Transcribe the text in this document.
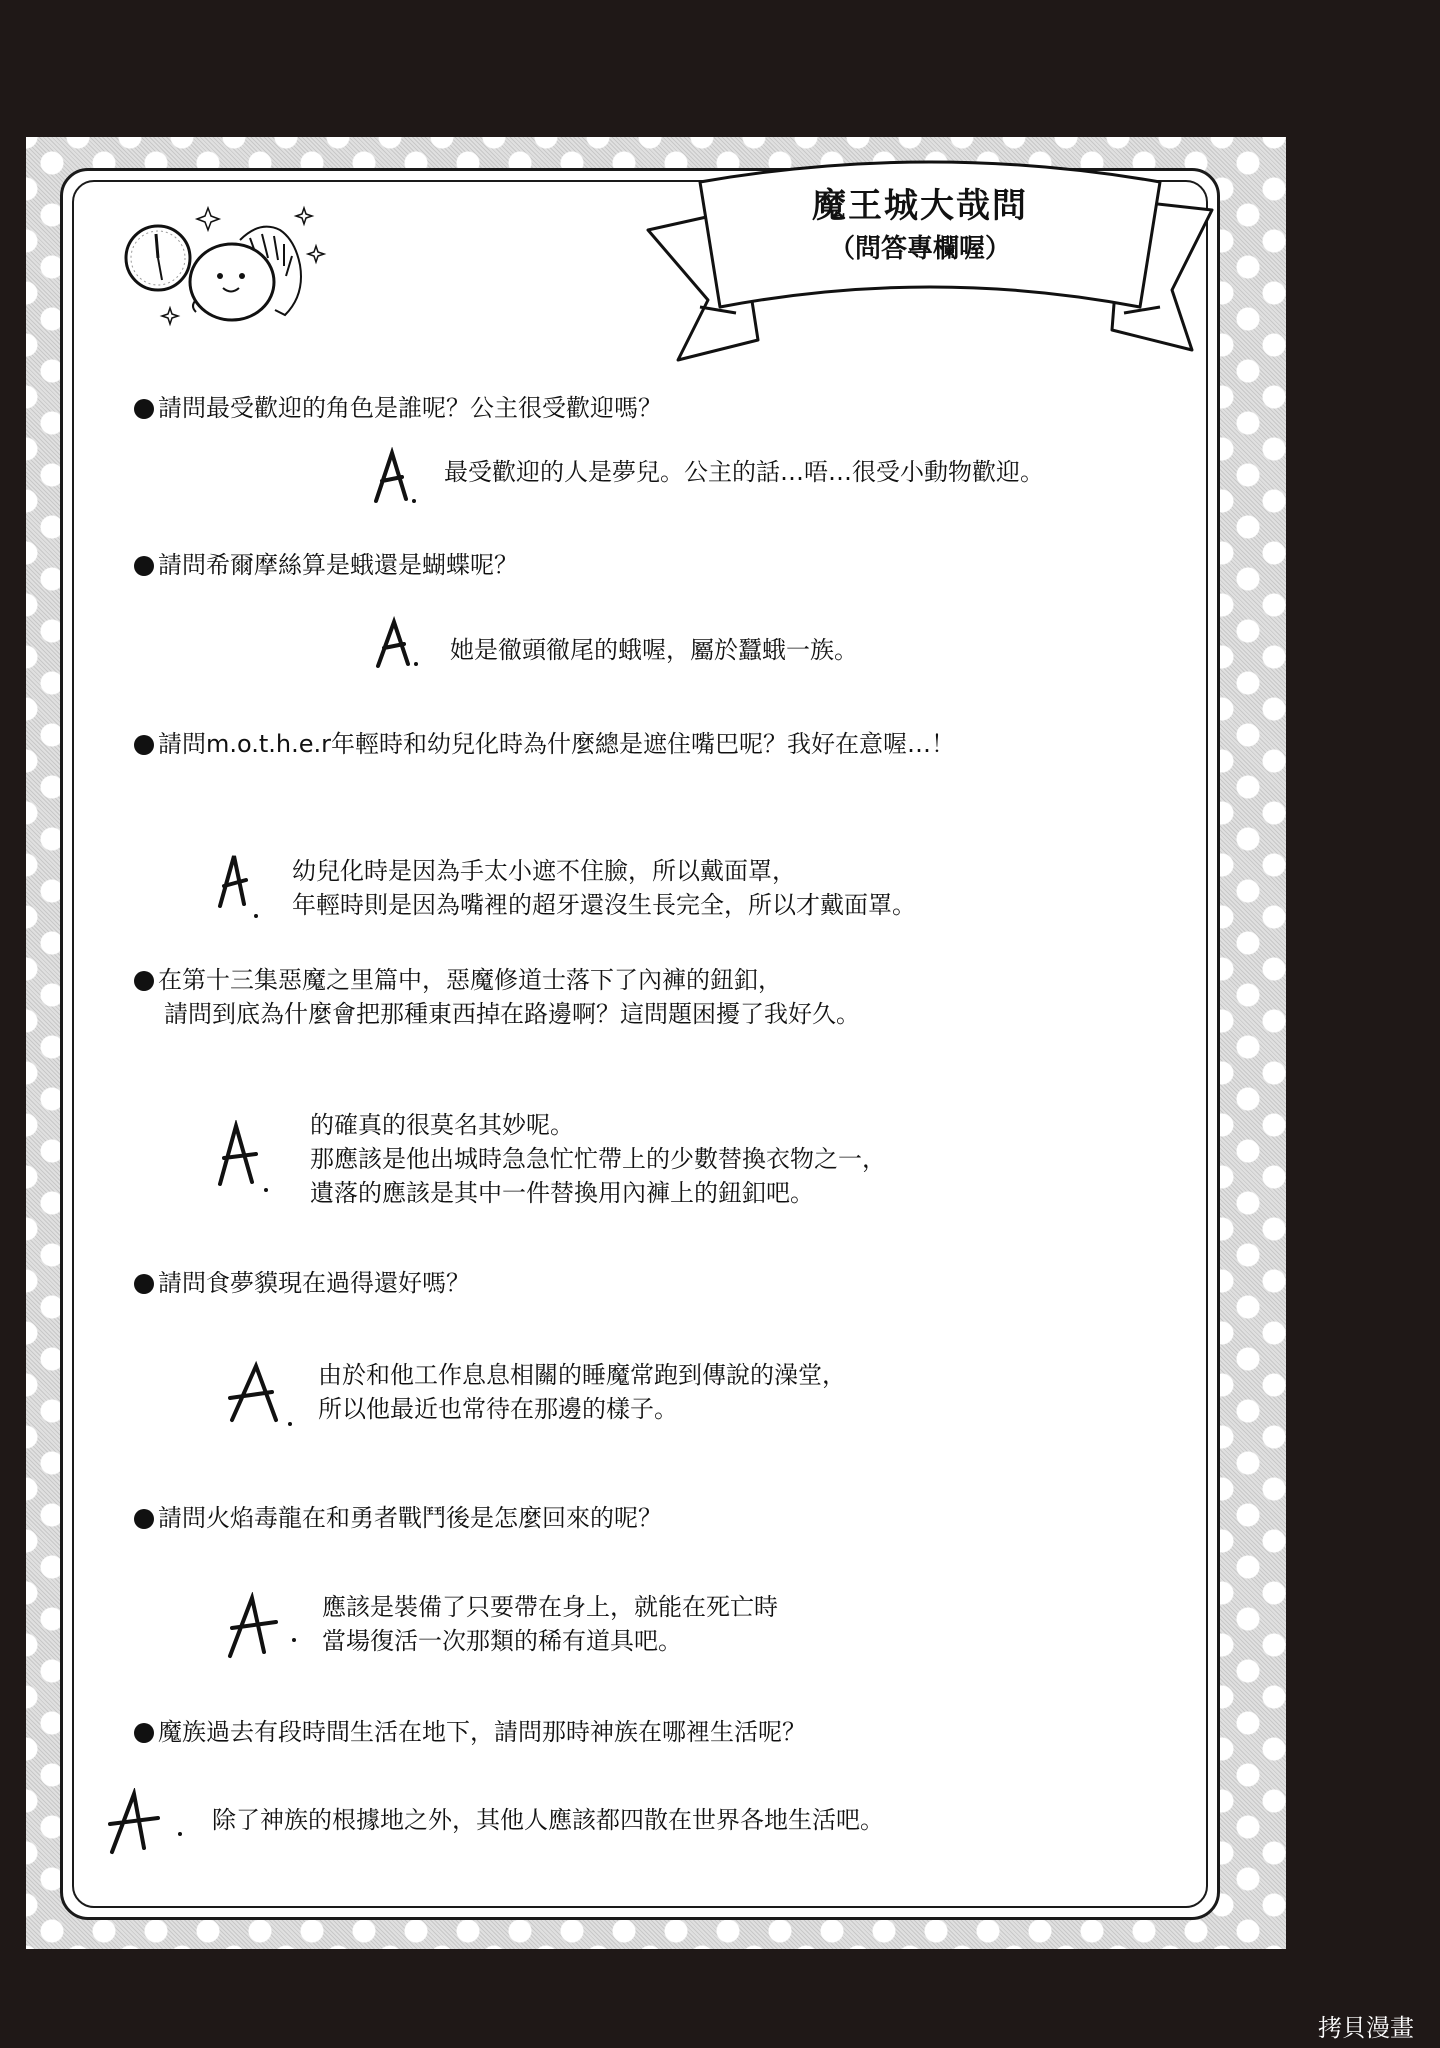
魔王城大哉問
（問答專欄喔）
請問最受歡迎的角色是誰呢？公主很受歡迎嗎？
最受歡迎的人是夢兒。公主的話…唔…很受小動物歡迎。
請問希爾摩絲算是蛾還是蝴蝶呢？
她是徹頭徹尾的蛾喔，屬於蠶蛾一族。
請問m.o.t.h.e.r年輕時和幼兒化時為什麼總是遮住嘴巴呢？我好在意喔…！
幼兒化時是因為手太小遮不住臉，所以戴面罩，
年輕時則是因為嘴裡的超牙還沒生長完全，所以才戴面罩。
在第十三集惡魔之里篇中，惡魔修道士落下了內褲的鈕釦，
請問到底為什麼會把那種東西掉在路邊啊？這問題困擾了我好久。
的確真的很莫名其妙呢。
那應該是他出城時急急忙忙帶上的少數替換衣物之一，
遺落的應該是其中一件替換用內褲上的鈕釦吧。
請問食夢貘現在過得還好嗎？
由於和他工作息息相關的睡魔常跑到傳說的澡堂，
所以他最近也常待在那邊的樣子。
請問火焰毒龍在和勇者戰鬥後是怎麼回來的呢？
應該是裝備了只要帶在身上，就能在死亡時
當場復活一次那類的稀有道具吧。
魔族過去有段時間生活在地下，請問那時神族在哪裡生活呢？
除了神族的根據地之外，其他人應該都四散在世界各地生活吧。
拷貝漫畫
